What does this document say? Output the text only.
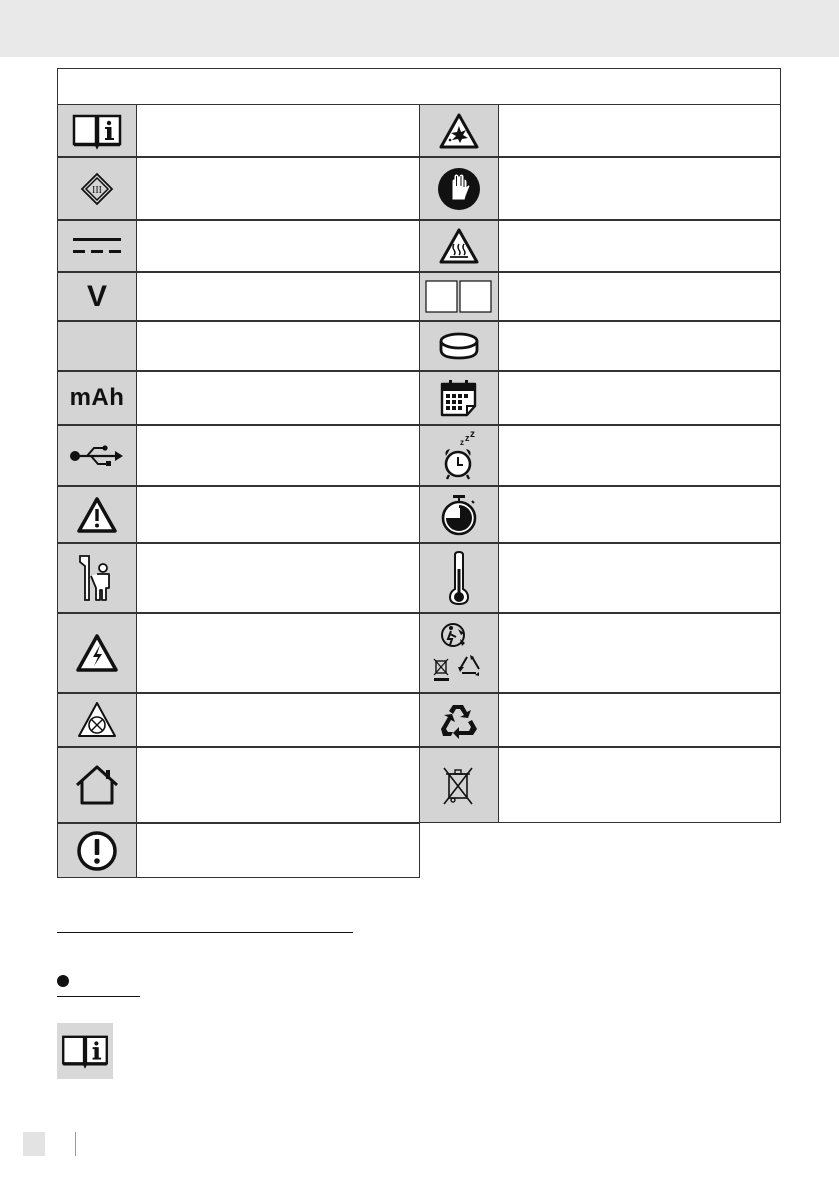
III
V
mAh
z z z
